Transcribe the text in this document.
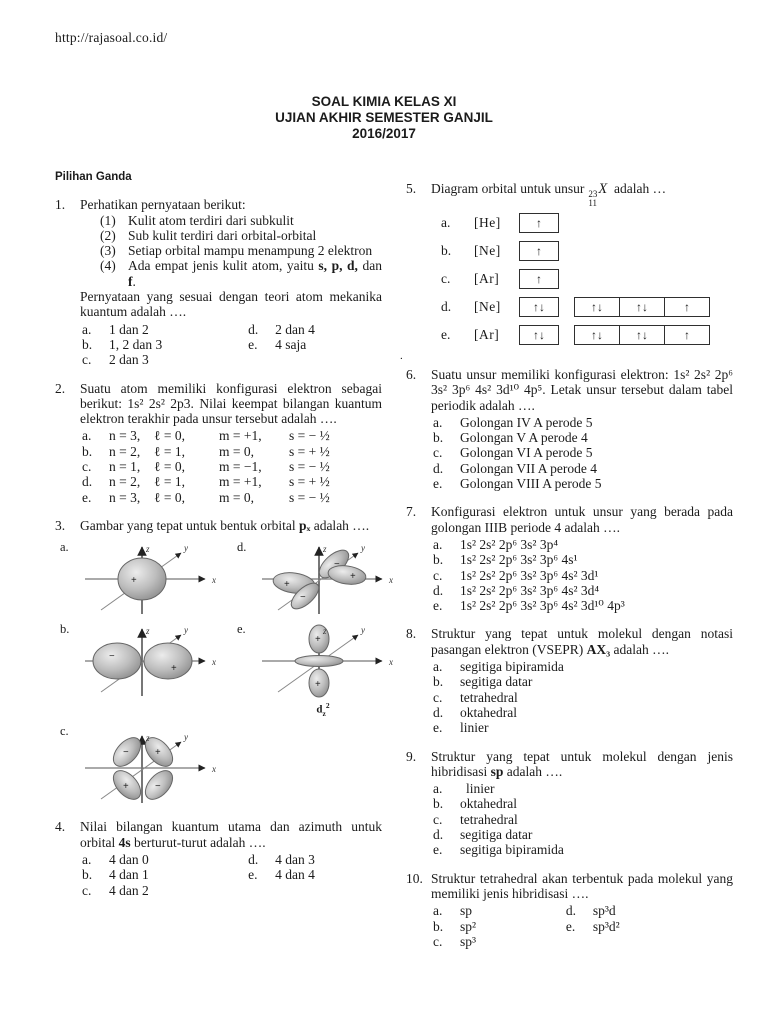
http://rajasoal.co.id/
SOAL KIMIA KELAS XI
UJIAN AKHIR SEMESTER GANJIL
2016/2017
Pilihan Ganda
1.	Perhatikan pernyataan berikut:
(1) Kulit atom terdiri dari subkulit
(2) Sub kulit terdiri dari orbital-orbital
(3) Setiap orbital mampu menampung 2 elektron
(4) Ada empat jenis kulit atom, yaitu s, p, d, dan f.
Pernyataan yang sesuai dengan teori atom mekanika kuantum adalah ….
a.	1 dan 2	d.	2 dan 4
b.	1, 2 dan 3	e.	4 saja
c.	2 dan 3
2.	Suatu atom memiliki konfigurasi elektron sebagai berikut: 1s² 2s² 2p3. Nilai keempat bilangan kuantum elektron terakhir pada unsur tersebut adalah ….
a.	n = 3,	ℓ = 0,	m = +1,	s = − ½
b.	n = 2,	ℓ = 1,	m = 0,	s = + ½
c.	n = 1,	ℓ = 0,	m = −1,	s = − ½
d.	n = 2,	ℓ = 1,	m = +1,	s = + ½
e.	n = 3,	ℓ = 0,	m = 0,	s = − ½
3.	Gambar yang tepat untuk bentuk orbital pₓ adalah ….
a.
+
z
x
y	d.
+
−
+
−
z
x
y
b.
−
+
z
x
y	e.
+
+
z
x
y
$d_z^2$
c.
−	+
+	−
z
x
y
4.	Nilai bilangan kuantum utama dan azimuth untuk orbital 4s berturut-turut adalah ….
a.	4 dan 0	d.	4 dan 3
b.	4 dan 1	e.	4 dan 4
c.	4 dan 2
5.	Diagram orbital untuk unsur 23
11
X adalah …
a.	[He]	↑
b.	[Ne]	↑
c.	[Ar]	↑
d.	[Ne]	↑↓	↑↓	↑↓	↑
e.	[Ar]	↑↓	↑↓	↑↓	↑
.
6.	Suatu unsur memiliki konfigurasi elektron: 1s² 2s² 2p⁶ 3s² 3p⁶ 4s² 3d¹⁰ 4p⁵. Letak unsur tersebut dalam tabel periodik adalah ….
a.	Golongan IV A perode 5
b.	Golongan V A perode 4
c.	Golongan VI A perode 5
d.	Golongan VII A perode 4
e.	Golongan VIII A perode 5
7.	Konfigurasi elektron untuk unsur yang berada pada golongan IIIB periode 4 adalah ….
a.	1s² 2s² 2p⁶ 3s² 3p⁴
b.	1s² 2s² 2p⁶ 3s² 3p⁶ 4s¹
c.	1s² 2s² 2p⁶ 3s² 3p⁶ 4s² 3d¹
d.	1s² 2s² 2p⁶ 3s² 3p⁶ 4s² 3d⁴
e.	1s² 2s² 2p⁶ 3s² 3p⁶ 4s² 3d¹⁰ 4p³
8.	Struktur yang tepat untuk molekul dengan notasi pasangan elektron (VSEPR) AX₃ adalah ….
a.	segitiga bipiramida
b.	segitiga datar
c.	tetrahedral
d.	oktahedral
e.	linier
9.	Struktur yang tepat untuk molekul dengan jenis hibridisasi sp adalah ….
a.	linier
b.	oktahedral
c.	tetrahedral
d.	segitiga datar
e.	segitiga bipiramida
10. Struktur tetrahedral akan terbentuk pada molekul yang memiliki jenis hibridisasi ….
a.	sp	d.	sp³d
b.	sp²	e.	sp³d²
c.	sp³
